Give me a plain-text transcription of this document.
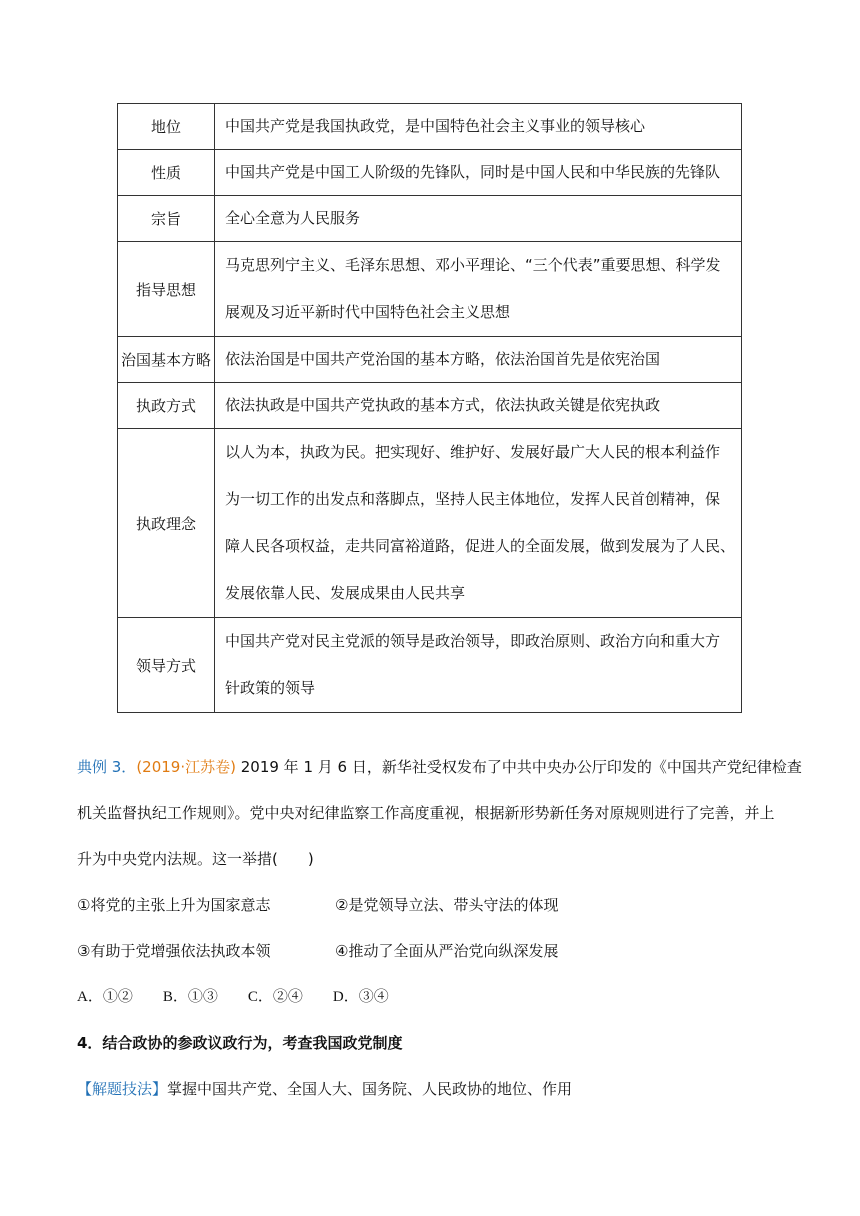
地位	中国共产党是我国执政党，是中国特色社会主义事业的领导核心

性质	中国共产党是中国工人阶级的先锋队，同时是中国人民和中华民族的先锋队

宗旨	全心全意为人民服务

指导思想	马克思列宁主义、毛泽东思想、邓小平理论、“三个代表”重要思想、科学发
展观及习近平新时代中国特色社会主义思想

治国基本方略	依法治国是中国共产党治国的基本方略，依法治国首先是依宪治国

执政方式	依法执政是中国共产党执政的基本方式，依法执政关键是依宪执政

执政理念	以人为本，执政为民。把实现好、维护好、发展好最广大人民的根本利益作
为一切工作的出发点和落脚点，坚持人民主体地位，发挥人民首创精神，保
障人民各项权益，走共同富裕道路，促进人的全面发展，做到发展为了人民、
发展依靠人民、发展成果由人民共享

领导方式	中国共产党对民主党派的领导是政治领导，即政治原则、政治方向和重大方
针政策的领导
典例 3．(2019·江苏卷) 2019 年 1 月 6 日，新华社受权发布了中共中央办公厅印发的《中国共产党纪律检查
机关监督执纪工作规则》。党中央对纪律监察工作高度重视，根据新形势新任务对原规则进行了完善，并上
升为中央党内法规。这一举措(　　)
①将党的主张上升为国家意志	②是党领导立法、带头守法的体现
③有助于党增强依法执政本领	④推动了全面从严治党向纵深发展
A．①② B．①③ C．②④ D．③④
4．结合政协的参政议政行为，考查我国政党制度
【解题技法】掌握中国共产党、全国人大、国务院、人民政协的地位、作用
